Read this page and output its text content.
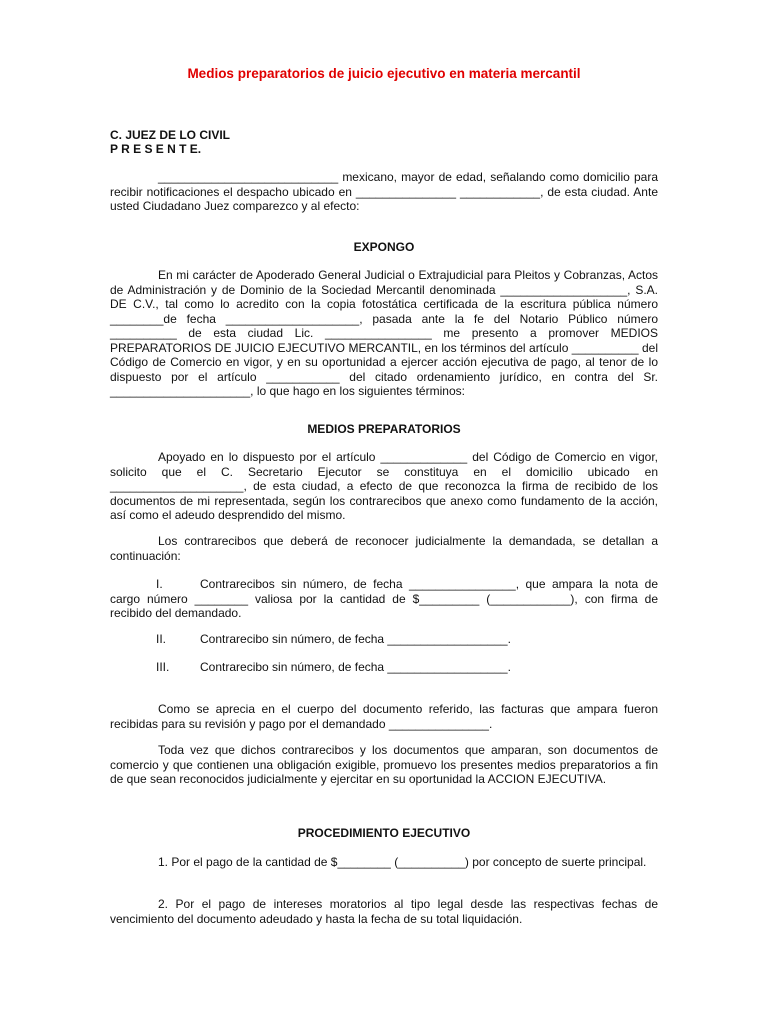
Medios preparatorios de juicio ejecutivo en materia mercantil
C. JUEZ DE LO CIVIL
P R E S E N T E.
___________________________ mexicano, mayor de edad, señalando como domicilio para recibir notificaciones el despacho ubicado en _______________ ____________, de esta ciudad. Ante usted Ciudadano Juez comparezco y al efecto:
EXPONGO
En mi carácter de Apoderado General Judicial o Extrajudicial para Pleitos y Cobranzas, Actos de Administración y de Dominio de la Sociedad Mercantil denominada ___________________, S.A. DE C.V., tal como lo acredito con la copia fotostática certificada de la escritura pública número ________de fecha ____________________, pasada ante la fe del Notario Público número __________ de esta ciudad Lic. ________________ me presento a promover MEDIOS PREPARATORIOS DE JUICIO EJECUTIVO MERCANTIL, en los términos del artículo __________ del Código de Comercio en vigor, y en su oportunidad a ejercer acción ejecutiva de pago, al tenor de lo dispuesto por el artículo ___________ del citado ordenamiento jurídico, en contra del Sr. _____________________, lo que hago en los siguientes términos:
MEDIOS PREPARATORIOS
Apoyado en lo dispuesto por el artículo _____________ del Código de Comercio en vigor, solicito que el C. Secretario Ejecutor se constituya en el domicilio ubicado en ____________________, de esta ciudad, a efecto de que reconozca la firma de recibido de los documentos de mi representada, según los contrarecibos que anexo como fundamento de la acción, así como el adeudo desprendido del mismo.
Los contrarecibos que deberá de reconocer judicialmente la demandada, se detallan a continuación:
I.	Contrarecibos sin número, de fecha ________________, que ampara la nota de cargo número ________ valiosa por la cantidad de $_________ (____________), con firma de recibido del demandado.
II.	Contrarecibo sin número, de fecha __________________.
III.	Contrarecibo sin número, de fecha __________________.
Como se aprecia en el cuerpo del documento referido, las facturas que ampara fueron recibidas para su revisión y pago por el demandado _______________.
Toda vez que dichos contrarecibos y los documentos que amparan, son documentos de comercio y que contienen una obligación exigible, promuevo los presentes medios preparatorios a fin de que sean reconocidos judicialmente y ejercitar en su oportunidad la ACCION EJECUTIVA.
PROCEDIMIENTO EJECUTIVO
1. Por el pago de la cantidad de $________ (__________) por concepto de suerte principal.
2. Por el pago de intereses moratorios al tipo legal desde las respectivas fechas de vencimiento del documento adeudado y hasta la fecha de su total liquidación.
